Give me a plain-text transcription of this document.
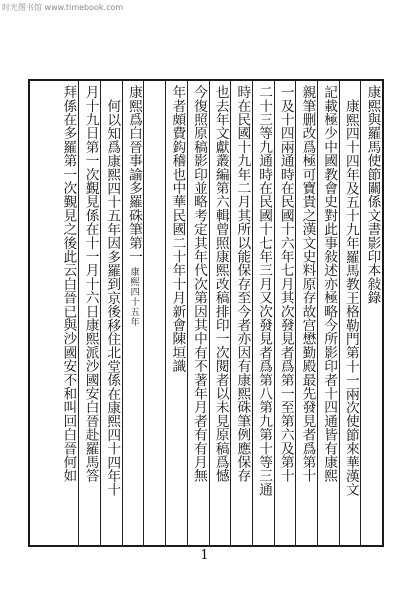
时光图书馆 www.timebook.com
康熙與羅馬使節關係文書影印本敍錄
康熙四十四年及五十九年羅馬教王格勒門第十一兩次使節來華漢文
記載極少中國教會史對此事敍述亦極略今所影印者十四通皆有康熙
親筆删改爲極可寶貴之漢文史料原存故宫懋勤殿最先發見者爲第十
一及十四兩通時在民國十六年七月其次發見者爲第一至第六及第十
二十三等九通時在民國十七年三月又次發見者爲第八第九第十等三通
時在民國十九年二月其所以能保存至今者亦因有康熙硃筆例應保存
也去年文獻叢編第六輯曾照康熙改稿排印一次閱者以未見原稿爲憾
今復照原稿影印並略考定其年代次第因其中有不著年月者有有月無
年者頗費鈎稽也中華民國二十年十月新會陳垣識
康熙爲白晉事諭多羅硃筆第一
康熙四十五年
何以知爲康熙四十五年因多羅到京後移住北堂係在康熙四十四年十
月十九日第一次覲見係在十一月十六日康熙派沙國安白晉赴羅馬答
拜係在多羅第一次覲見之後此云白晉已與沙國安不和叫回白晉何如
1
